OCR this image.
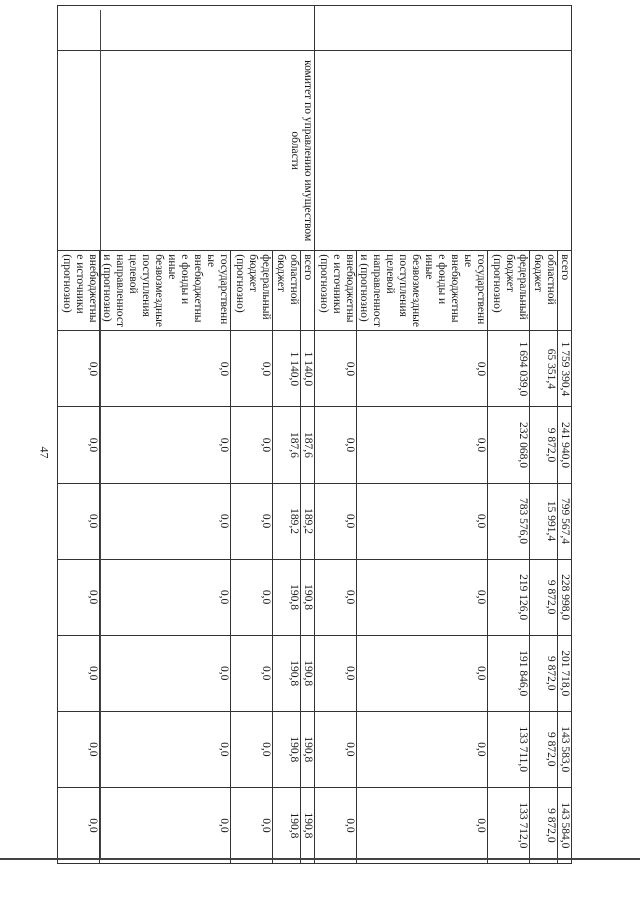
47
		всего	1 759 390,4	241 940,0	799 567,4	228 998,0	201 718,0	143 583,0	143 584,0
		областной бюджет	65 351,4	9 872,0	15 991,4	9 872,0	9 872,0	9 872,0	9 872,0
		федеральный бюджет (прогнозно)	1 694 039,0	232 068,0	783 576,0	219 126,0	191 846,0	133 711,0	133 712,0
		государственные внебюджетные фонды и иные безвозмездные поступления целевой направленности (прогнозно)	0,0	0,0	0,0	0,0	0,0	0,0	0,0
		внебюджетные источники (прогнозно)	0,0	0,0	0,0	0,0	0,0	0,0	0,0
	комитет по управлению имуществом области	всего	1 140,0	187,6	189,2	190,8	190,8	190,8	190,8
		областной бюджет	1 140,0	187,6	189,2	190,8	190,8	190,8	190,8
		федеральный бюджет (прогнозно)	0,0	0,0	0,0	0,0	0,0	0,0	0,0
		государственные внебюджетные фонды и иные безвозмездные поступления целевой направленности (прогнозно)	0,0	0,0	0,0	0,0	0,0	0,0	0,0
		внебюджетные источники (прогнозно)	0,0	0,0	0,0	0,0	0,0	0,0	0,0
